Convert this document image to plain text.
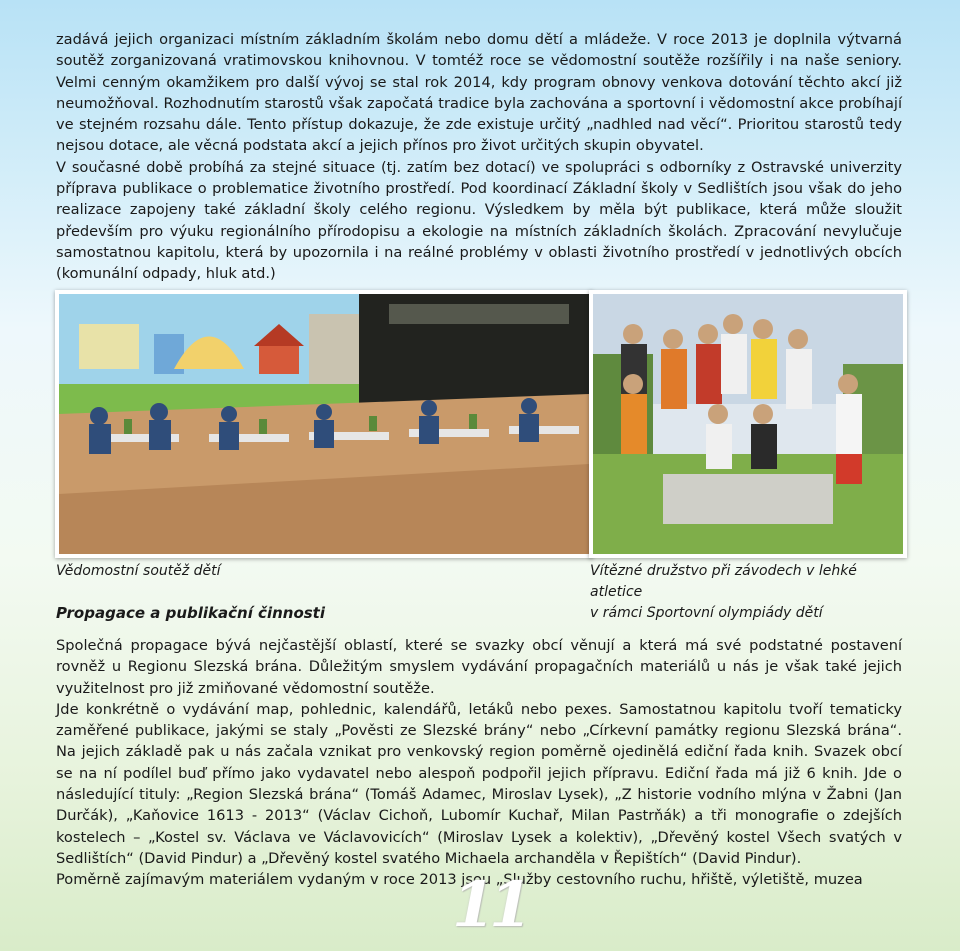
zadává jejich organizaci místním základním školám nebo domu dětí a mládeže. V roce 2013 je doplnila výtvarná soutěž zorganizovaná vratimovskou knihovnou. V tomtéž roce se vědomostní soutěže rozšířily i na naše seniory. Velmi cenným okamžikem pro další vývoj se stal rok 2014, kdy program obnovy venkova dotování těchto akcí již neumožňoval. Rozhodnutím starostů však započatá tradice byla zachována a sportovní i vědomostní akce probíhají ve stejném rozsahu dále. Tento přístup dokazuje, že zde existuje určitý „nadhled nad věcí“. Prioritou starostů tedy nejsou dotace, ale věcná podstata akcí a jejich přínos pro život určitých skupin obyvatel.

V současné době probíhá za stejné situace (tj. zatím bez dotací) ve spolupráci s odborníky z Ostravské univerzity příprava publikace o problematice životního prostředí. Pod koordinací Základní školy v Sedlištích jsou však do jeho realizace zapojeny také základní školy celého regionu. Výsledkem by měla být publikace, která může sloužit především pro výuku regionálního přírodopisu a ekologie na místních základních školách. Zpracování nevylučuje samostatnou kapitolu, která by upozornila i na reálné problémy v oblasti životního prostředí v jednotlivých obcích (komunální odpady, hluk atd.)

Vědomostní soutěž dětí	Vítězné družstvo při závodech v lehké atletice
v rámci Sportovní olympiády dětí
Propagace a publikační činnosti

Společná propagace bývá nejčastější oblastí, které se svazky obcí věnují a která má své podstatné postavení rovněž u Regionu Slezská brána. Důležitým smyslem vydávání propagačních materiálů u nás je však také jejich využitelnost pro již zmiňované vědomostní soutěže.

Jde konkrétně o vydávání map, pohlednic, kalendářů, letáků nebo pexes. Samostatnou kapitolu tvoří tematicky zaměřené publikace, jakými se staly „Pověsti ze Slezské brány“ nebo „Církevní památky regionu Slezská brána“. Na jejich základě pak u nás začala vznikat pro venkovský region poměrně ojedinělá ediční řada knih. Svazek obcí se na ní podílel buď přímo jako vydavatel nebo alespoň podpořil jejich přípravu. Ediční řada má již 6 knih. Jde o následující tituly: „Region Slezská brána“ (Tomáš Adamec, Miroslav Lysek), „Z historie vodního mlýna v Žabni (Jan Durčák), „Kaňovice 1613 - 2013“ (Václav Cichoň, Lubomír Kuchař, Milan Pastrňák) a tři monografie o zdejších kostelech – „Kostel sv. Václava ve Václavovicích“ (Miroslav Lysek a kolektiv), „Dřevěný kostel Všech svatých v Sedlištích“ (David Pindur) a „Dřevěný kostel svatého Michaela archanděla v Řepištích“ (David Pindur).

Poměrně zajímavým materiálem vydaným v roce 2013 jsou „Služby cestovního ruchu, hřiště, výletiště, muzea

11
